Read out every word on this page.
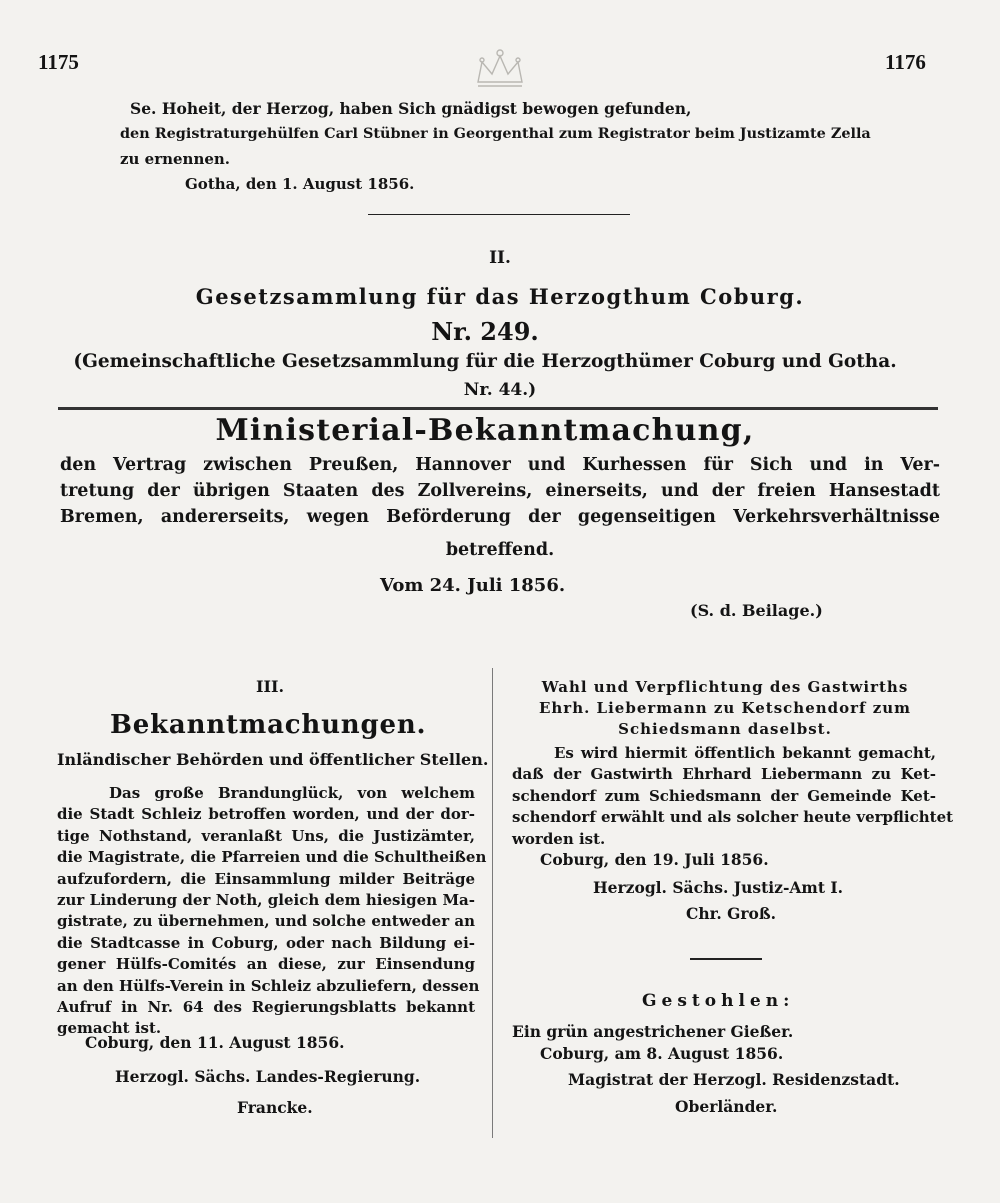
1175	1176
Se. Hoheit, der Herzog, haben Sich gnädigst bewogen gefunden,
den Registraturgehülfen Carl Stübner in Georgenthal zum Registrator beim Justizamte Zella
zu ernennen.
Gotha, den 1. August 1856.
II.
Gesetzsammlung für das Herzogthum Coburg.
Nr. 249.
(Gemeinschaftliche Gesetzsammlung für die Herzogthümer Coburg und Gotha.
Nr. 44.)
Ministerial-Bekanntmachung,
den Vertrag zwischen Preußen, Hannover und Kurhessen für Sich und in Ver-
tretung der übrigen Staaten des Zollvereins, einerseits, und der freien Hansestadt
Bremen, andererseits, wegen Beförderung der gegenseitigen Verkehrsverhältnisse
betreffend.
Vom 24. Juli 1856.
(S. d. Beilage.)
III.
Bekanntmachungen.
Inländischer Behörden und öffentlicher Stellen.
Das große Brandunglück, von welchem
die Stadt Schleiz betroffen worden, und der dor-
tige Nothstand, veranlaßt Uns, die Justizämter,
die Magistrate, die Pfarreien und die Schultheißen
aufzufordern, die Einsammlung milder Beiträge
zur Linderung der Noth, gleich dem hiesigen Ma-
gistrate, zu übernehmen, und solche entweder an
die Stadtcasse in Coburg, oder nach Bildung ei-
gener Hülfs-Comités an diese, zur Einsendung
an den Hülfs-Verein in Schleiz abzuliefern, dessen
Aufruf in Nr. 64 des Regierungsblatts bekannt
gemacht ist.
Coburg, den 11. August 1856.
Herzogl. Sächs. Landes-Regierung.
Francke.
Wahl und Verpflichtung des Gastwirths
Ehrh. Liebermann zu Ketschendorf zum
Schiedsmann daselbst.
Es wird hiermit öffentlich bekannt gemacht,
daß der Gastwirth Ehrhard Liebermann zu Ket-
schendorf zum Schiedsmann der Gemeinde Ket-
schendorf erwählt und als solcher heute verpflichtet
worden ist.
Coburg, den 19. Juli 1856.
Herzogl. Sächs. Justiz-Amt I.
Chr. Groß.
Gestohlen:
Ein grün angestrichener Gießer.
Coburg, am 8. August 1856.
Magistrat der Herzogl. Residenzstadt.
Oberländer.
